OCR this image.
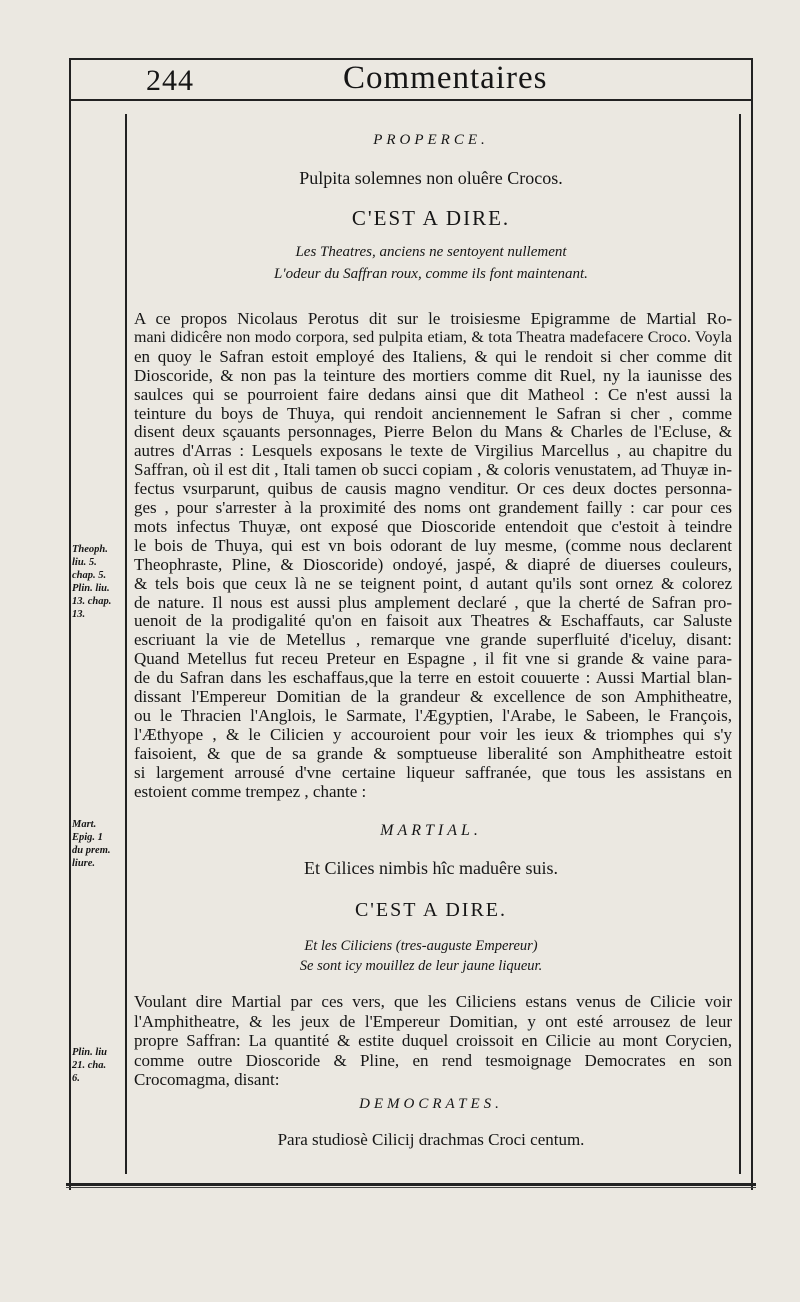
244	Commentaires
PROPERCE.
Pulpita solemnes non oluêre Crocos.
C'EST A DIRE.
Les Theatres, anciens ne sentoyent nullement
L'odeur du Saffran roux, comme ils font maintenant.
A ce propos Nicolaus Perotus dit sur le troisiesme Epigramme de Martial Ro-
mani didicêre non modo corpora, sed pulpita etiam, & tota Theatra madefacere Croco. Voyla
en quoy le Safran estoit employé des Italiens, & qui le rendoit si cher comme dit
Dioscoride, & non pas la teinture des mortiers comme dit Ruel, ny la iaunisse des
saulces qui se pourroient faire dedans ainsi que dit Matheol : Ce n'est aussi la
teinture du boys de Thuya, qui rendoit anciennement le Safran si cher , comme
disent deux sçauants personnages, Pierre Belon du Mans & Charles de l'Ecluse, &
autres d'Arras : Lesquels exposans le texte de Virgilius Marcellus , au chapitre du
Saffran, où il est dit , Itali tamen ob succi copiam , & coloris venustatem, ad Thuyæ in-
fectus vsurparunt, quibus de causis magno venditur. Or ces deux doctes personna-
ges , pour s'arrester à la proximité des noms ont grandement failly : car pour ces
mots infectus Thuyæ, ont exposé que Dioscoride entendoit que c'estoit à teindre
le bois de Thuya, qui est vn bois odorant de luy mesme, (comme nous declarent
Theophraste, Pline, & Dioscoride) ondoyé, jaspé, & diapré de diuerses couleurs,
& tels bois que ceux là ne se teignent point, d autant qu'ils sont ornez & colorez
de nature. Il nous est aussi plus amplement declaré , que la cherté de Safran pro-
uenoit de la prodigalité qu'on en faisoit aux Theatres & Eschaffauts, car Saluste
escriuant la vie de Metellus , remarque vne grande superfluité d'iceluy, disant:
Quand Metellus fut receu Preteur en Espagne , il fit vne si grande & vaine para-
de du Safran dans les eschaffaus,que la terre en estoit couuerte : Aussi Martial blan-
dissant l'Empereur Domitian de la grandeur & excellence de son Amphitheatre,
ou le Thracien l'Anglois, le Sarmate, l'Ægyptien, l'Arabe, le Sabeen, le François,
l'Æthyope , & le Cilicien y accouroient pour voir les ieux & triomphes qui s'y
faisoient, & que de sa grande & somptueuse liberalité son Amphitheatre estoit
si largement arrousé d'vne certaine liqueur saffranée, que tous les assistans en
estoient comme trempez , chante :
MARTIAL.
Et Cilices nimbis hîc maduêre suis.
C'EST A DIRE.
Et les Ciliciens (tres-auguste Empereur)
Se sont icy mouillez de leur jaune liqueur.
Voulant dire Martial par ces vers, que les Ciliciens estans venus de Cilicie voir
l'Amphitheatre, & les jeux de l'Empereur Domitian, y ont esté arrousez de leur
propre Saffran: La quantité & estite duquel croissoit en Cilicie au mont Corycien,
comme outre Dioscoride & Pline, en rend tesmoignage Democrates en son
Crocomagma, disant:
DEMOCRATES.
Para studiosè Cilicij drachmas Croci centum.
Theoph.
liu. 5.
chap. 5.
Plin. liu.
13. chap.
13.
Mart.
Epig. 1
du prem.
liure.
Plin. liu
21. cha.
6.
